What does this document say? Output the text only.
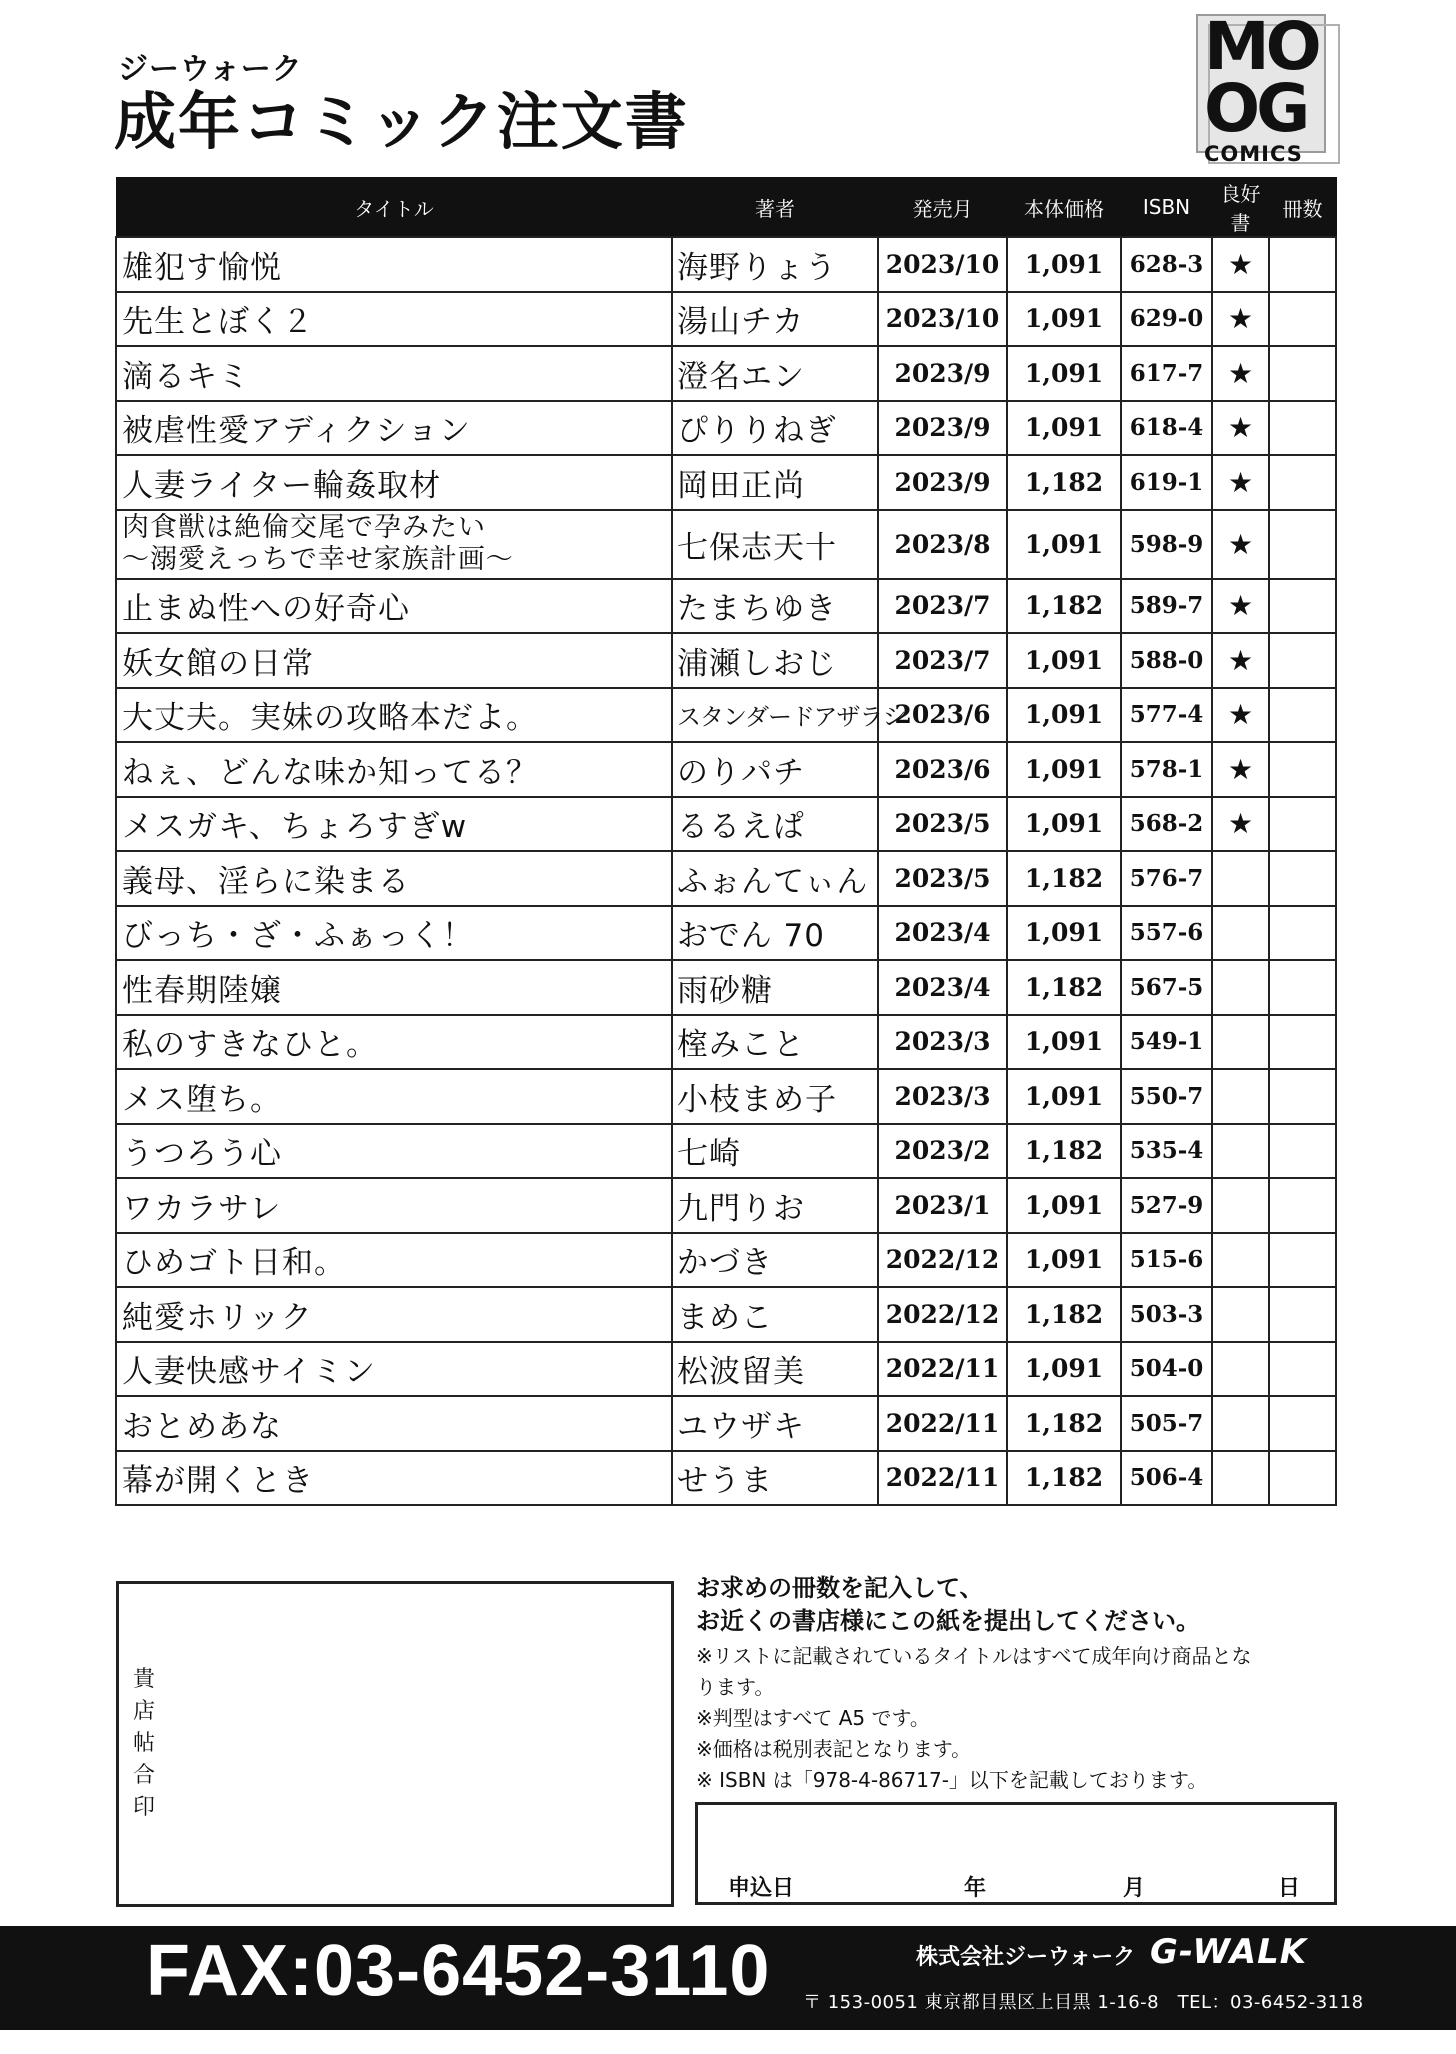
ジーウォーク
成年コミック注文書
MO
OG
COMICS
タイトル	著者	発売月	本体価格	ISBN	良好書	冊数
雄犯す愉悦	海野りょう	2023/10	1,091	628-3	★	
先生とぼく２	湯山チカ	2023/10	1,091	629-0	★	
滴るキミ	澄名エン	2023/9	1,091	617-7	★	
被虐性愛アディクション	ぴりりねぎ	2023/9	1,091	618-4	★	
人妻ライター輪姦取材	岡田正尚	2023/9	1,182	619-1	★	

肉食獣は絶倫交尾で孕みたい
～溺愛えっちで幸せ家族計画～	七保志天十	2023/8	1,091	598-9	★	
止まぬ性への好奇心	たまちゆき	2023/7	1,182	589-7	★	
妖女館の日常	浦瀬しおじ	2023/7	1,091	588-0	★	
大丈夫。実妹の攻略本だよ。	スタンダードアザラシ	2023/6	1,091	577-4	★	
ねぇ、どんな味か知ってる？	のりパチ	2023/6	1,091	578-1	★	
メスガキ、ちょろすぎw	るるえぱ	2023/5	1,091	568-2	★	
義母、淫らに染まる	ふぉんてぃん	2023/5	1,182	576-7		
びっち・ざ・ふぁっく！	おでん 70	2023/4	1,091	557-6		
性春期陸嬢	雨砂糖	2023/4	1,182	567-5		
私のすきなひと。	榁みこと	2023/3	1,091	549-1		
メス堕ち。	小枝まめ子	2023/3	1,091	550-7		
うつろう心	七崎	2023/2	1,182	535-4		
ワカラサレ	九門りお	2023/1	1,091	527-9		
ひめゴト日和。	かづき	2022/12	1,091	515-6		
純愛ホリック	まめこ	2022/12	1,182	503-3		
人妻快感サイミン	松波留美	2022/11	1,091	504-0		
おとめあな	ユウザキ	2022/11	1,182	505-7		
幕が開くとき	せうま	2022/11	1,182	506-4		
貴
店
帖
合
印
お求めの冊数を記入して、
お近くの書店様にこの紙を提出してください。
※リストに記載されているタイトルはすべて成年向け商品とな
ります。
※判型はすべて A5 です。
※価格は税別表記となります。
※ ISBN は「978-4-86717-」以下を記載しております。
申込日	年	月	日
FAX:03-6452-3110	株式会社ジーウォーク G-WALK
〒 153-0051 東京都目黒区上目黒 1-16-8　TEL：03-6452-3118
